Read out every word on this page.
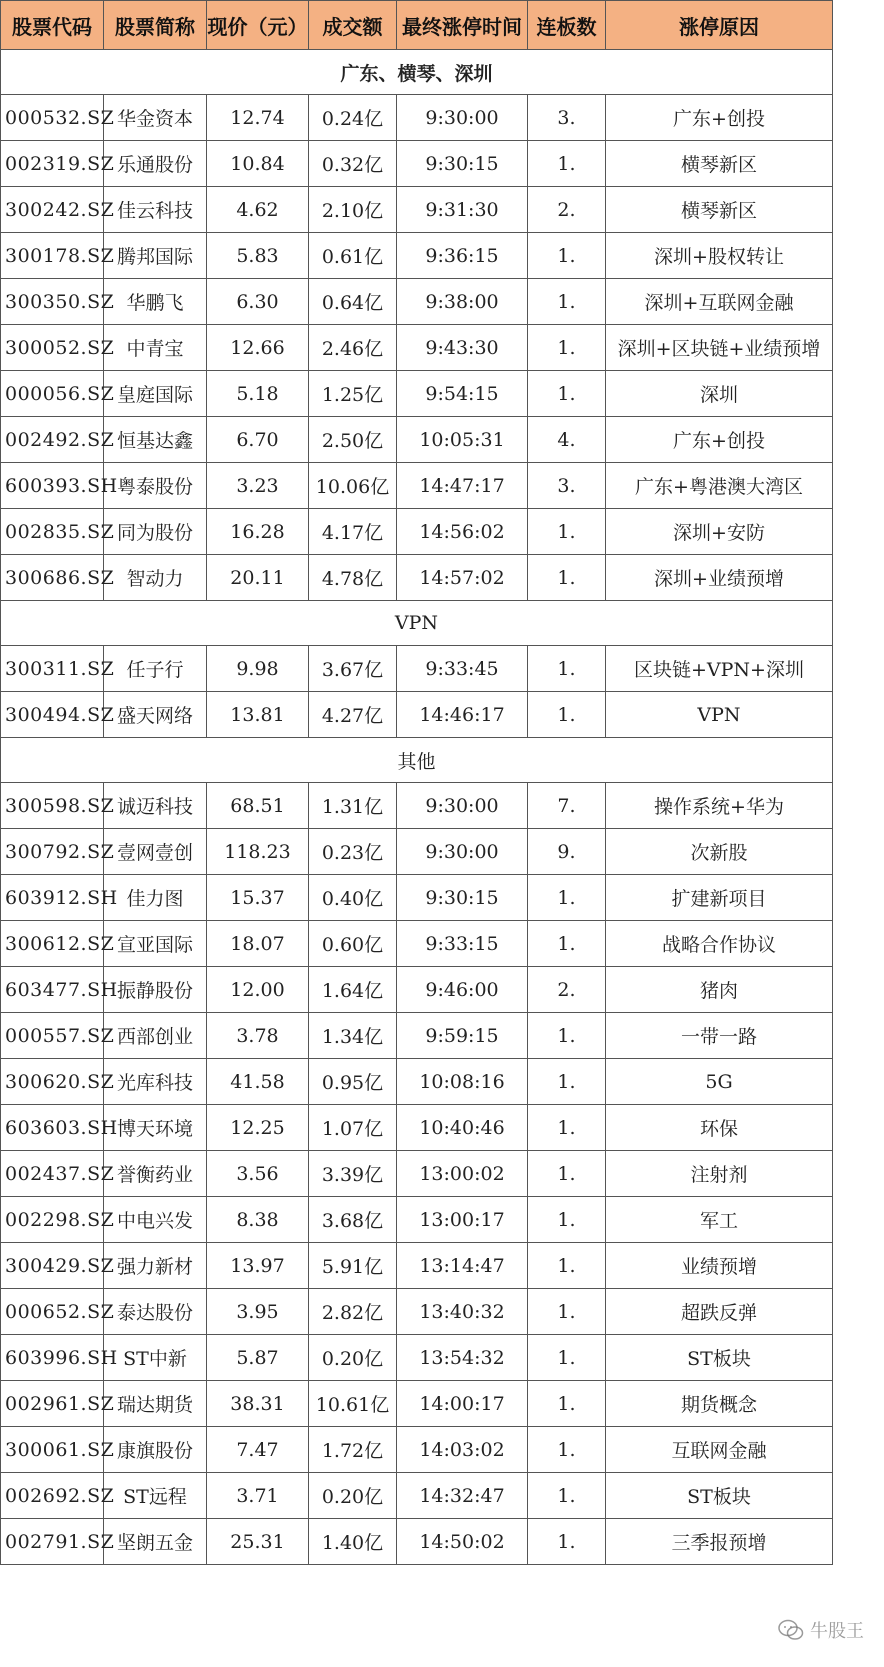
股票代码	股票简称	现价（元）	成交额	最终涨停时间	连板数	涨停原因
广东、横琴、深圳						
000532.SZ	华金资本	12.74	0.24亿	9:30:00	3.	广东+创投
002319.SZ	乐通股份	10.84	0.32亿	9:30:15	1.	横琴新区
300242.SZ	佳云科技	4.62	2.10亿	9:31:30	2.	横琴新区
300178.SZ	腾邦国际	5.83	0.61亿	9:36:15	1.	深圳+股权转让
300350.SZ	华鹏飞	6.30	0.64亿	9:38:00	1.	深圳+互联网金融
300052.SZ	中青宝	12.66	2.46亿	9:43:30	1.	深圳+区块链+业绩预增
000056.SZ	皇庭国际	5.18	1.25亿	9:54:15	1.	深圳
002492.SZ	恒基达鑫	6.70	2.50亿	10:05:31	4.	广东+创投
600393.SH	粤泰股份	3.23	10.06亿	14:47:17	3.	广东+粤港澳大湾区
002835.SZ	同为股份	16.28	4.17亿	14:56:02	1.	深圳+安防
300686.SZ	智动力	20.11	4.78亿	14:57:02	1.	深圳+业绩预增
VPN						
300311.SZ	任子行	9.98	3.67亿	9:33:45	1.	区块链+VPN+深圳
300494.SZ	盛天网络	13.81	4.27亿	14:46:17	1.	VPN
其他						
300598.SZ	诚迈科技	68.51	1.31亿	9:30:00	7.	操作系统+华为
300792.SZ	壹网壹创	118.23	0.23亿	9:30:00	9.	次新股
603912.SH	佳力图	15.37	0.40亿	9:30:15	1.	扩建新项目
300612.SZ	宣亚国际	18.07	0.60亿	9:33:15	1.	战略合作协议
603477.SH	振静股份	12.00	1.64亿	9:46:00	2.	猪肉
000557.SZ	西部创业	3.78	1.34亿	9:59:15	1.	一带一路
300620.SZ	光库科技	41.58	0.95亿	10:08:16	1.	5G
603603.SH	博天环境	12.25	1.07亿	10:40:46	1.	环保
002437.SZ	誉衡药业	3.56	3.39亿	13:00:02	1.	注射剂
002298.SZ	中电兴发	8.38	3.68亿	13:00:17	1.	军工
300429.SZ	强力新材	13.97	5.91亿	13:14:47	1.	业绩预增
000652.SZ	泰达股份	3.95	2.82亿	13:40:32	1.	超跌反弹
603996.SH	ST中新	5.87	0.20亿	13:54:32	1.	ST板块
002961.SZ	瑞达期货	38.31	10.61亿	14:00:17	1.	期货概念
300061.SZ	康旗股份	7.47	1.72亿	14:03:02	1.	互联网金融
002692.SZ	ST远程	3.71	0.20亿	14:32:47	1.	ST板块
002791.SZ	坚朗五金	25.31	1.40亿	14:50:02	1.	三季报预增
牛股王
